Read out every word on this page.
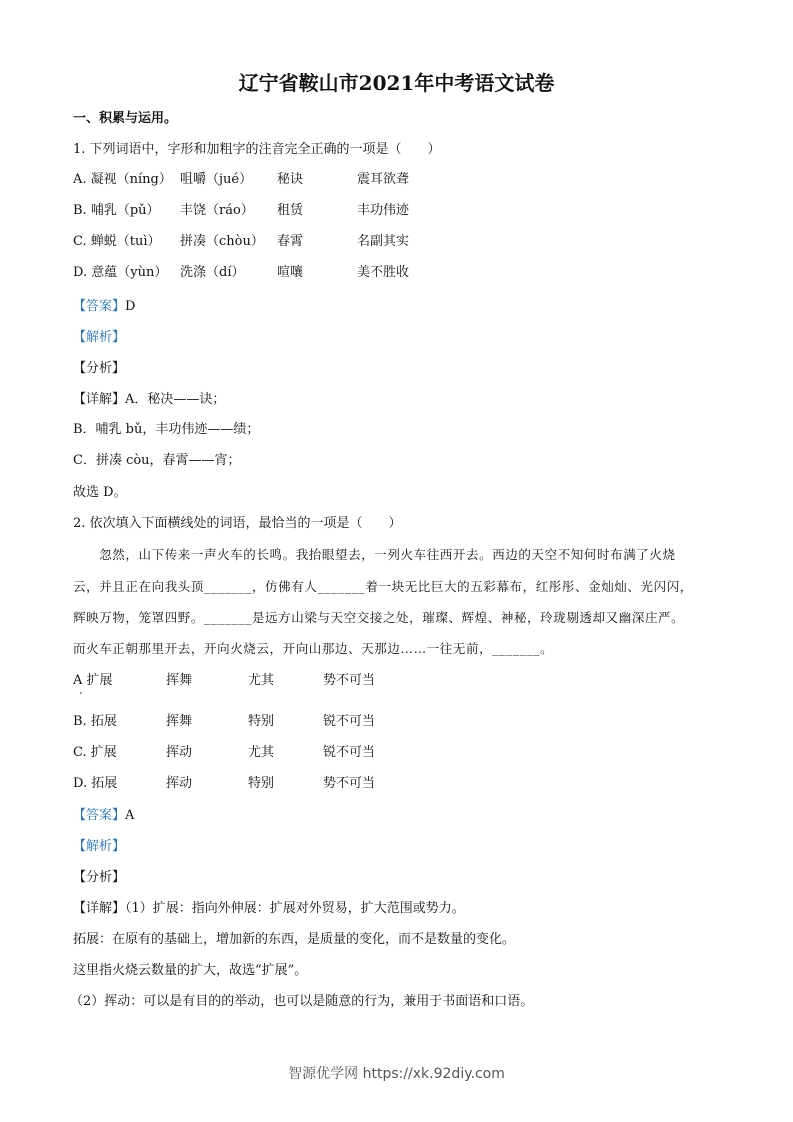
辽宁省鞍山市2021年中考语文试卷
一、积累与运用。
1. 下列词语中，字形和加粗字的注音完全正确的一项是（　　）
A. 凝视（níng） 咀嚼（jué） 秘诀	震耳欲聋
B. 哺乳（pǔ） 丰饶（ráo） 租赁	丰功伟迹
C. 蝉蜕（tuì） 拼凑（chòu） 春霄	名副其实
D. 意蕴（yùn） 洗涤（dí）	喧嚷	美不胜收
【答案】D
【解析】
【分析】
【详解】A．秘决——诀；
B．哺乳 bǔ，丰功伟迹——绩；
C．拼凑 còu，春霄——宵；
故选 D。
2. 依次填入下面横线处的词语，最恰当的一项是（　　）
　　忽然，山下传来一声火车的长鸣。我抬眼望去，一列火车往西开去。西边的天空不知何时布满了火烧
云，并且正在向我头顶_______，仿佛有人_______着一块无比巨大的五彩幕布，红彤彤、金灿灿、光闪闪，
辉映万物，笼罩四野。_______是远方山梁与天空交接之处，璀璨、辉煌、神秘，玲珑剔透却又幽深庄严。
而火车正朝那里开去，开向火烧云，开向山那边、天那边……一往无前，_______。
A 扩展	挥舞	尤其	势不可当
B. 拓展	挥舞	特别	锐不可当
C. 扩展	挥动	尤其	锐不可当
D. 拓展	挥动	特别	势不可当
【答案】A
【解析】
【分析】
【详解】（1）扩展：指向外伸展：扩展对外贸易，扩大范围或势力。
拓展：在原有的基础上，增加新的东西，是质量的变化，而不是数量的变化。
这里指火烧云数量的扩大，故选“扩展”。
（2）挥动：可以是有目的的举动，也可以是随意的行为，兼用于书面语和口语。
智源优学网 https://xk.92diy.com
